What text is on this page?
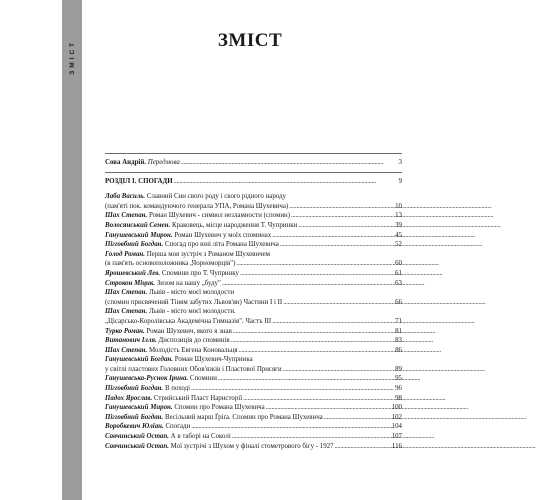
ЗМІСТ	ЗМІСТ
Сова Андрій. Передмова . . .	3
РОЗДІЛ І. СПОГАДИ . . .	9
Лаба Василь. Славний Син свого роду і свого рідного народу
(пам'яті пок. командуючого генерала УПА, Романа Шухевича) . . .	10
Шах Степан. Роман Шухевич - символ незламности (спомин) . . .	13
Волосянський Семен. Краковець, місце народження Т. Чупринки . . .	39
Ганушевський Мирон. Роман Шухевич у моїх споминах . . .	45
Пігговбний Богдан. Спогад про юні літа Романа Шухевича . . .	52
Голод Роман. Перша моя зустріч з Романом Шухевичем
(в пам'ять основоположника „Чорноморців") . . .	60
Ярошевський Лев. Спомини про Т. Чупринку . . .	61
Строкон Міцик. Зизом на нашу „буду" . . .	63
Шах Степан. Львів - місто моєї молодости
(спомин присвячений Тіням забутих Львов'ян) Частини І і ІІ . . .	66
Шах Степан. Львів - місто моєї молодости.
„Цісарсько-Королівська Академічна Гимназія". Частъ ІІІ . . .	71
Турко Роман. Роман Шухевич, якого я знав . . .	81
Витанович Ілля. Диспозиція до споминів . . .	83
Шах Степан. Молодість Евгена Коновальця . . .	86
Ганушевський Богдан. Роман Шухевич-Чупринка
у світлі пластових Головних Обов'язків і Пластової Присяги . . .	89
Ганушевська-Руснок Ірина. Спомини . . .	95
Пігговбний Богдан. В поході . . .	96
Падох Ярослав. Стрийський Пласт Наристорії . . .	98
Ганушевський Мирон. Спомин про Романа Шухевича . . .	100
Пігговбний Богдан. Весільний марш Ґріґа. Спомин про Романа Шухевича . . .	102
Воробкевич Юліан. Спогади . . .	104
Савчинський Остап. А в таборі на Соколі . . .	107
Савчинський Остап. Мої зустрічі з Шухом у фіналі стометрового бігу - 1927 . . .	116
